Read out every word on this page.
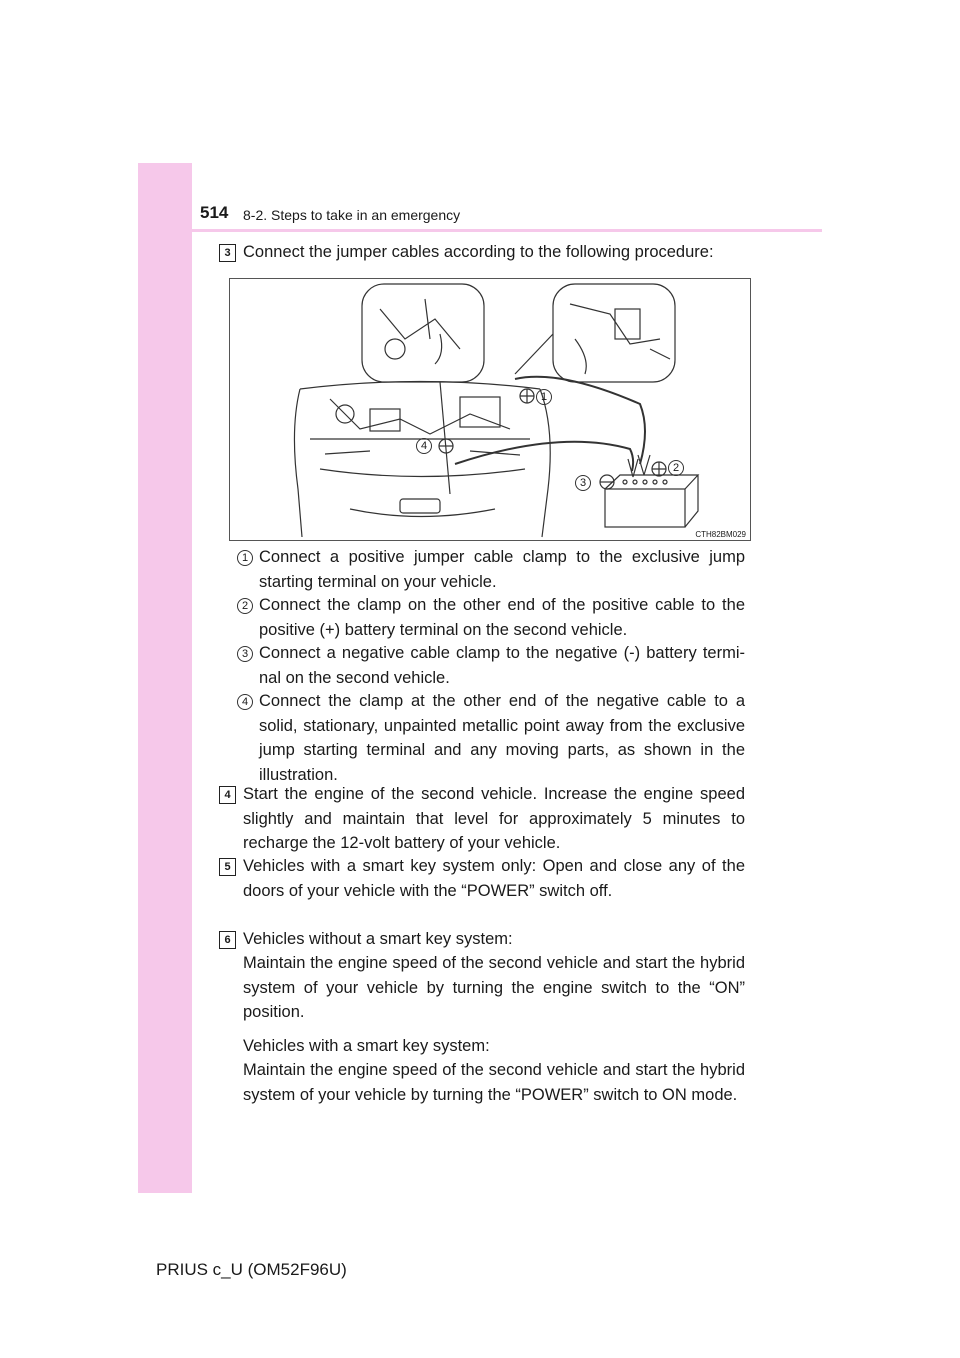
514 8-2. Steps to take in an emergency
3 Connect the jumper cables according to the following procedure:
1
2
3
4
CTH82BM029
1 Connect a positive jumper cable clamp to the exclusive jump starting terminal on your vehicle.
2 Connect the clamp on the other end of the positive cable to the positive (+) battery terminal on the second vehicle.
3 Connect a negative cable clamp to the negative (-) battery termi-nal on the second vehicle.
4 Connect the clamp at the other end of the negative cable to a solid, stationary, unpainted metallic point away from the exclusive jump starting terminal and any moving parts, as shown in the illustration.
4 Start the engine of the second vehicle. Increase the engine speed slightly and maintain that level for approximately 5 minutes to recharge the 12-volt battery of your vehicle.
5 Vehicles with a smart key system only: Open and close any of the doors of your vehicle with the “POWER” switch off.
6 Vehicles without a smart key system:
Maintain the engine speed of the second vehicle and start the hybrid system of your vehicle by turning the engine switch to the “ON” position.
Vehicles with a smart key system:
Maintain the engine speed of the second vehicle and start the hybrid system of your vehicle by turning the “POWER” switch to ON mode.
PRIUS c_U (OM52F96U)
